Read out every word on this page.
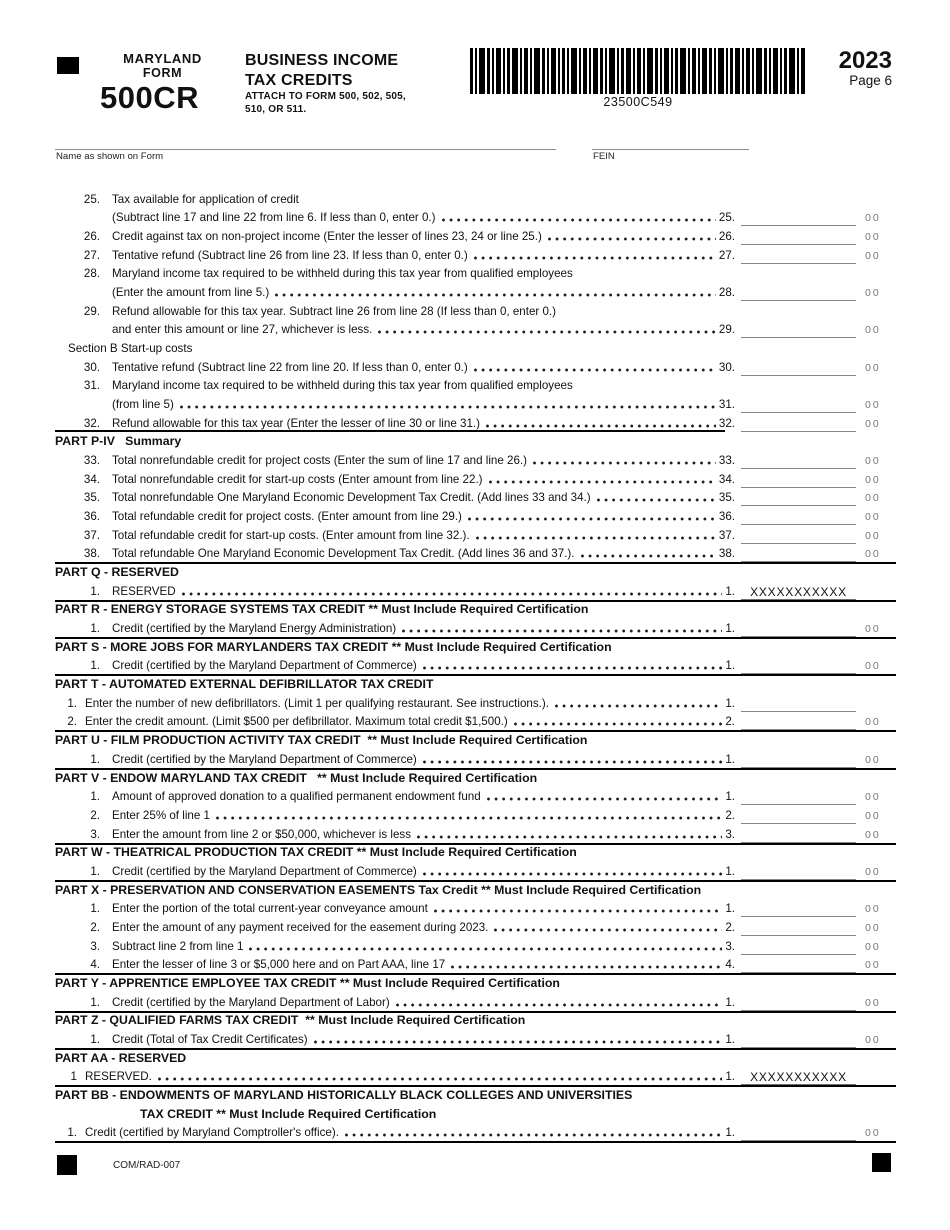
MARYLAND
FORM
500CR
BUSINESS INCOME
TAX CREDITS
ATTACH TO FORM 500, 502, 505,
510, OR 511.	23500C549
2023
Page 6
Name as shown on Form	FEIN
25. Tax available for application of credit
(Subtract line 17 and line 22 from line 6. If less than 0, enter 0.)	25.	00
26. Credit against tax on non-project income (Enter the lesser of lines 23, 24 or line 25.)	26.	00
27. Tentative refund (Subtract line 26 from line 23. If less than 0, enter 0.)	27.	00
28. Maryland income tax required to be withheld during this tax year from qualified employees
(Enter the amount from line 5.)	28.	00
29. Refund allowable for this tax year. Subtract line 26 from line 28 (If less than 0, enter 0.)
and enter this amount or line 27, whichever is less.	29.	00
Section B Start-up costs
30. Tentative refund (Subtract line 22 from line 20. If less than 0, enter 0.)	30.	00
31. Maryland income tax required to be withheld during this tax year from qualified employees
(from line 5)	31.	00
32. Refund allowable for this tax year (Enter the lesser of line 30 or line 31.)	32.	00
PART P-IV   Summary
33. Total nonrefundable credit for project costs (Enter the sum of line 17 and line 26.)	33.	00
34. Total nonrefundable credit for start-up costs (Enter amount from line 22.)	34.	00
35. Total nonrefundable One Maryland Economic Development Tax Credit. (Add lines 33 and 34.)	35.	00
36. Total refundable credit for project costs. (Enter amount from line 29.)	36.	00
37. Total refundable credit for start-up costs. (Enter amount from line 32.).	37.	00
38. Total refundable One Maryland Economic Development Tax Credit. (Add lines 36 and 37.).	38.	00
PART Q - RESERVED
1. RESERVED	1.	XXXXXXXXXXX
PART R - ENERGY STORAGE SYSTEMS TAX CREDIT ** Must Include Required Certification
1. Credit (certified by the Maryland Energy Administration)	1.	00
PART S - MORE JOBS FOR MARYLANDERS TAX CREDIT ** Must Include Required Certification
1. Credit (certified by the Maryland Department of Commerce)	1.	00
PART T - AUTOMATED EXTERNAL DEFIBRILLATOR TAX CREDIT
1. Enter the number of new defibrillators. (Limit 1 per qualifying restaurant. See instructions.).	1.
2. Enter the credit amount. (Limit $500 per defibrillator. Maximum total credit $1,500.)	2.	00
PART U - FILM PRODUCTION ACTIVITY TAX CREDIT  ** Must Include Required Certification
1. Credit (certified by the Maryland Department of Commerce)	1.	00
PART V - ENDOW MARYLAND TAX CREDIT   ** Must Include Required Certification
1. Amount of approved donation to a qualified permanent endowment fund	1.	00
2. Enter 25% of line 1	2.	00
3. Enter the amount from line 2 or $50,000, whichever is less	3.	00
PART W - THEATRICAL PRODUCTION TAX CREDIT ** Must Include Required Certification
1. Credit (certified by the Maryland Department of Commerce)	1.	00
PART X - PRESERVATION AND CONSERVATION EASEMENTS Tax Credit ** Must Include Required Certification
1. Enter the portion of the total current-year conveyance amount	1.	00
2. Enter the amount of any payment received for the easement during 2023.	2.	00
3. Subtract line 2 from line 1	3.	00
4. Enter the lesser of line 3 or $5,000 here and on Part AAA, line 17	4.	00
PART Y - APPRENTICE EMPLOYEE TAX CREDIT ** Must Include Required Certification
1. Credit (certified by the Maryland Department of Labor)	1.	00
PART Z - QUALIFIED FARMS TAX CREDIT  ** Must Include Required Certification
1. Credit (Total of Tax Credit Certificates)	1.	00
PART AA - RESERVED
1 RESERVED.	1.	XXXXXXXXXXX
PART BB - ENDOWMENTS OF MARYLAND HISTORICALLY BLACK COLLEGES AND UNIVERSITIES
TAX CREDIT ** Must Include Required Certification
1. Credit (certified by Maryland Comptroller's office).	1.	00
COM/RAD-007
